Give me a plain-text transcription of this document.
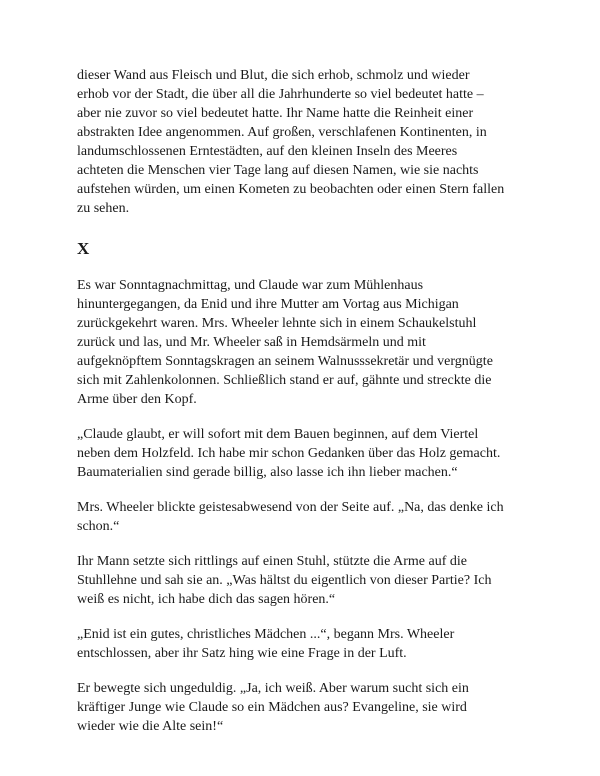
dieser Wand aus Fleisch und Blut, die sich erhob, schmolz und wieder
erhob vor der Stadt, die über all die Jahrhunderte so viel bedeutet hatte –
aber nie zuvor so viel bedeutet hatte. Ihr Name hatte die Reinheit einer
abstrakten Idee angenommen. Auf großen, verschlafenen Kontinenten, in
landumschlossenen Erntestädten, auf den kleinen Inseln des Meeres
achteten die Menschen vier Tage lang auf diesen Namen, wie sie nachts
aufstehen würden, um einen Kometen zu beobachten oder einen Stern fallen
zu sehen.

X

Es war Sonntagnachmittag, und Claude war zum Mühlenhaus
hinuntergegangen, da Enid und ihre Mutter am Vortag aus Michigan
zurückgekehrt waren. Mrs. Wheeler lehnte sich in einem Schaukelstuhl
zurück und las, und Mr. Wheeler saß in Hemdsärmeln und mit
aufgeknöpftem Sonntagskragen an seinem Walnusssekretär und vergnügte
sich mit Zahlenkolonnen. Schließlich stand er auf, gähnte und streckte die
Arme über den Kopf.

„Claude glaubt, er will sofort mit dem Bauen beginnen, auf dem Viertel
neben dem Holzfeld. Ich habe mir schon Gedanken über das Holz gemacht.
Baumaterialien sind gerade billig, also lasse ich ihn lieber machen.“

Mrs. Wheeler blickte geistesabwesend von der Seite auf. „Na, das denke ich
schon.“

Ihr Mann setzte sich rittlings auf einen Stuhl, stützte die Arme auf die
Stuhllehne und sah sie an. „Was hältst du eigentlich von dieser Partie? Ich
weiß es nicht, ich habe dich das sagen hören.“

„Enid ist ein gutes, christliches Mädchen ...“, begann Mrs. Wheeler
entschlossen, aber ihr Satz hing wie eine Frage in der Luft.

Er bewegte sich ungeduldig. „Ja, ich weiß. Aber warum sucht sich ein
kräftiger Junge wie Claude so ein Mädchen aus? Evangeline, sie wird
wieder wie die Alte sein!“
